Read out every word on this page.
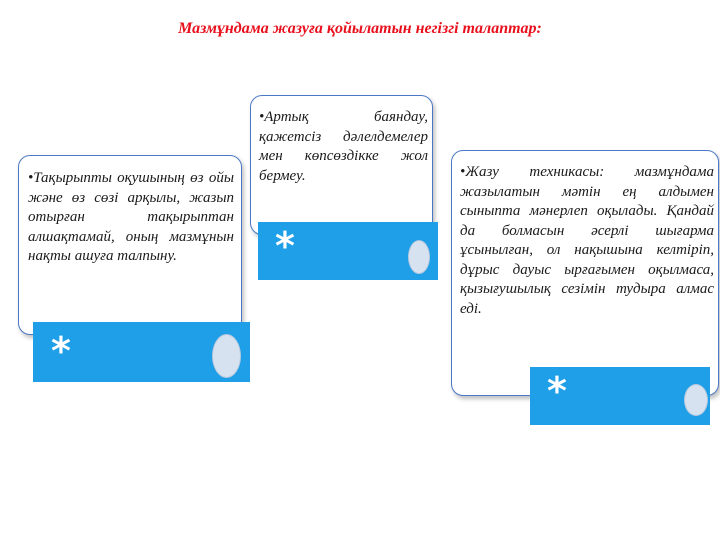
Мазмұндама жазуға қойылатын негізгі талаптар:
•Тақырыпты оқушының өз ойы және өз сөзі арқылы, жазып отырған тақырыптан алшақтамай, оның мазмұнын нақты ашуға талпыну.
*
•Артық баяндау, қажетсіз дәлелдемелер мен көпсөздікке жол бермеу.
*
•Жазу техникасы: мазмұндама жазылатын мәтін ең алдымен сыныпта мәнерлеп оқылады. Қандай да болмасын әсерлі шығарма ұсынылған, ол нақышына келтіріп, дұрыс дауыс ырғағымен оқылмаса, қызығушылық сезімін тудыра алмас еді.
*
